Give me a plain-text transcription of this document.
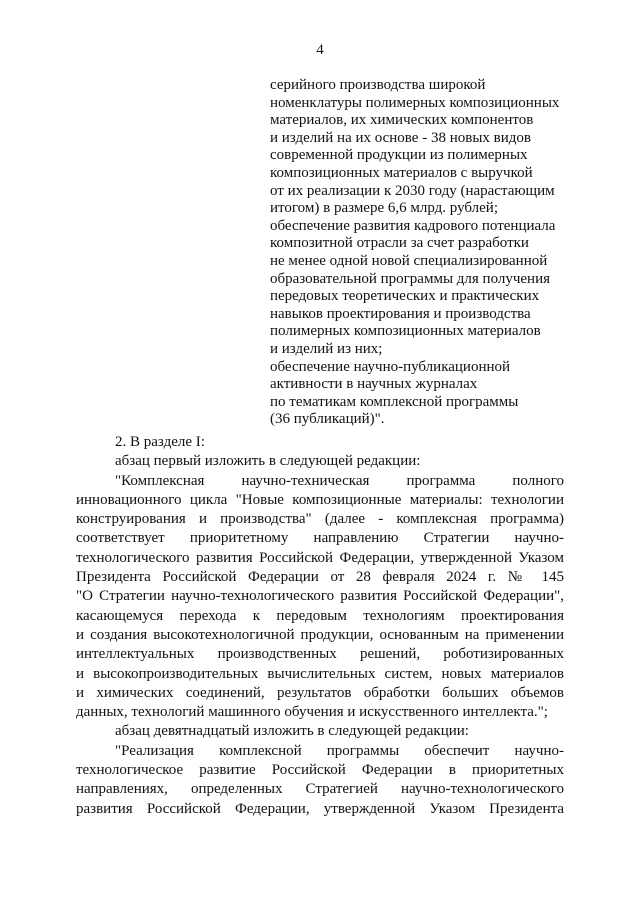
4
серийного производства широкой
номенклатуры полимерных композиционных
материалов, их химических компонентов
и изделий на их основе - 38 новых видов
современной продукции из полимерных
композиционных материалов с выручкой
от их реализации к 2030 году (нарастающим
итогом) в размере 6,6 млрд. рублей;
обеспечение развития кадрового потенциала
композитной отрасли за счет разработки
не менее одной новой специализированной
образовательной программы для получения
передовых теоретических и практических
навыков проектирования и производства
полимерных композиционных материалов
и изделий из них;
обеспечение научно-публикационной
активности в научных журналах
по тематикам комплексной программы
(36 публикаций)".
2. В разделе I:
абзац первый изложить в следующей редакции:
"Комплексная научно-техническая программа полного
инновационного цикла "Новые композиционные материалы: технологии
конструирования и производства" (далее - комплексная программа)
соответствует приоритетному направлению Стратегии научно-
технологического развития Российской Федерации, утвержденной Указом
Президента Российской Федерации от 28 февраля 2024 г. № 145
"О Стратегии научно-технологического развития Российской Федерации",
касающемуся перехода к передовым технологиям проектирования
и создания высокотехнологичной продукции, основанным на применении
интеллектуальных производственных решений, роботизированных
и высокопроизводительных вычислительных систем, новых материалов
и химических соединений, результатов обработки больших объемов
данных, технологий машинного обучения и искусственного интеллекта.";
абзац девятнадцатый изложить в следующей редакции:
"Реализация комплексной программы обеспечит научно-
технологическое развитие Российской Федерации в приоритетных
направлениях, определенных Стратегией научно-технологического
развития Российской Федерации, утвержденной Указом Президента
